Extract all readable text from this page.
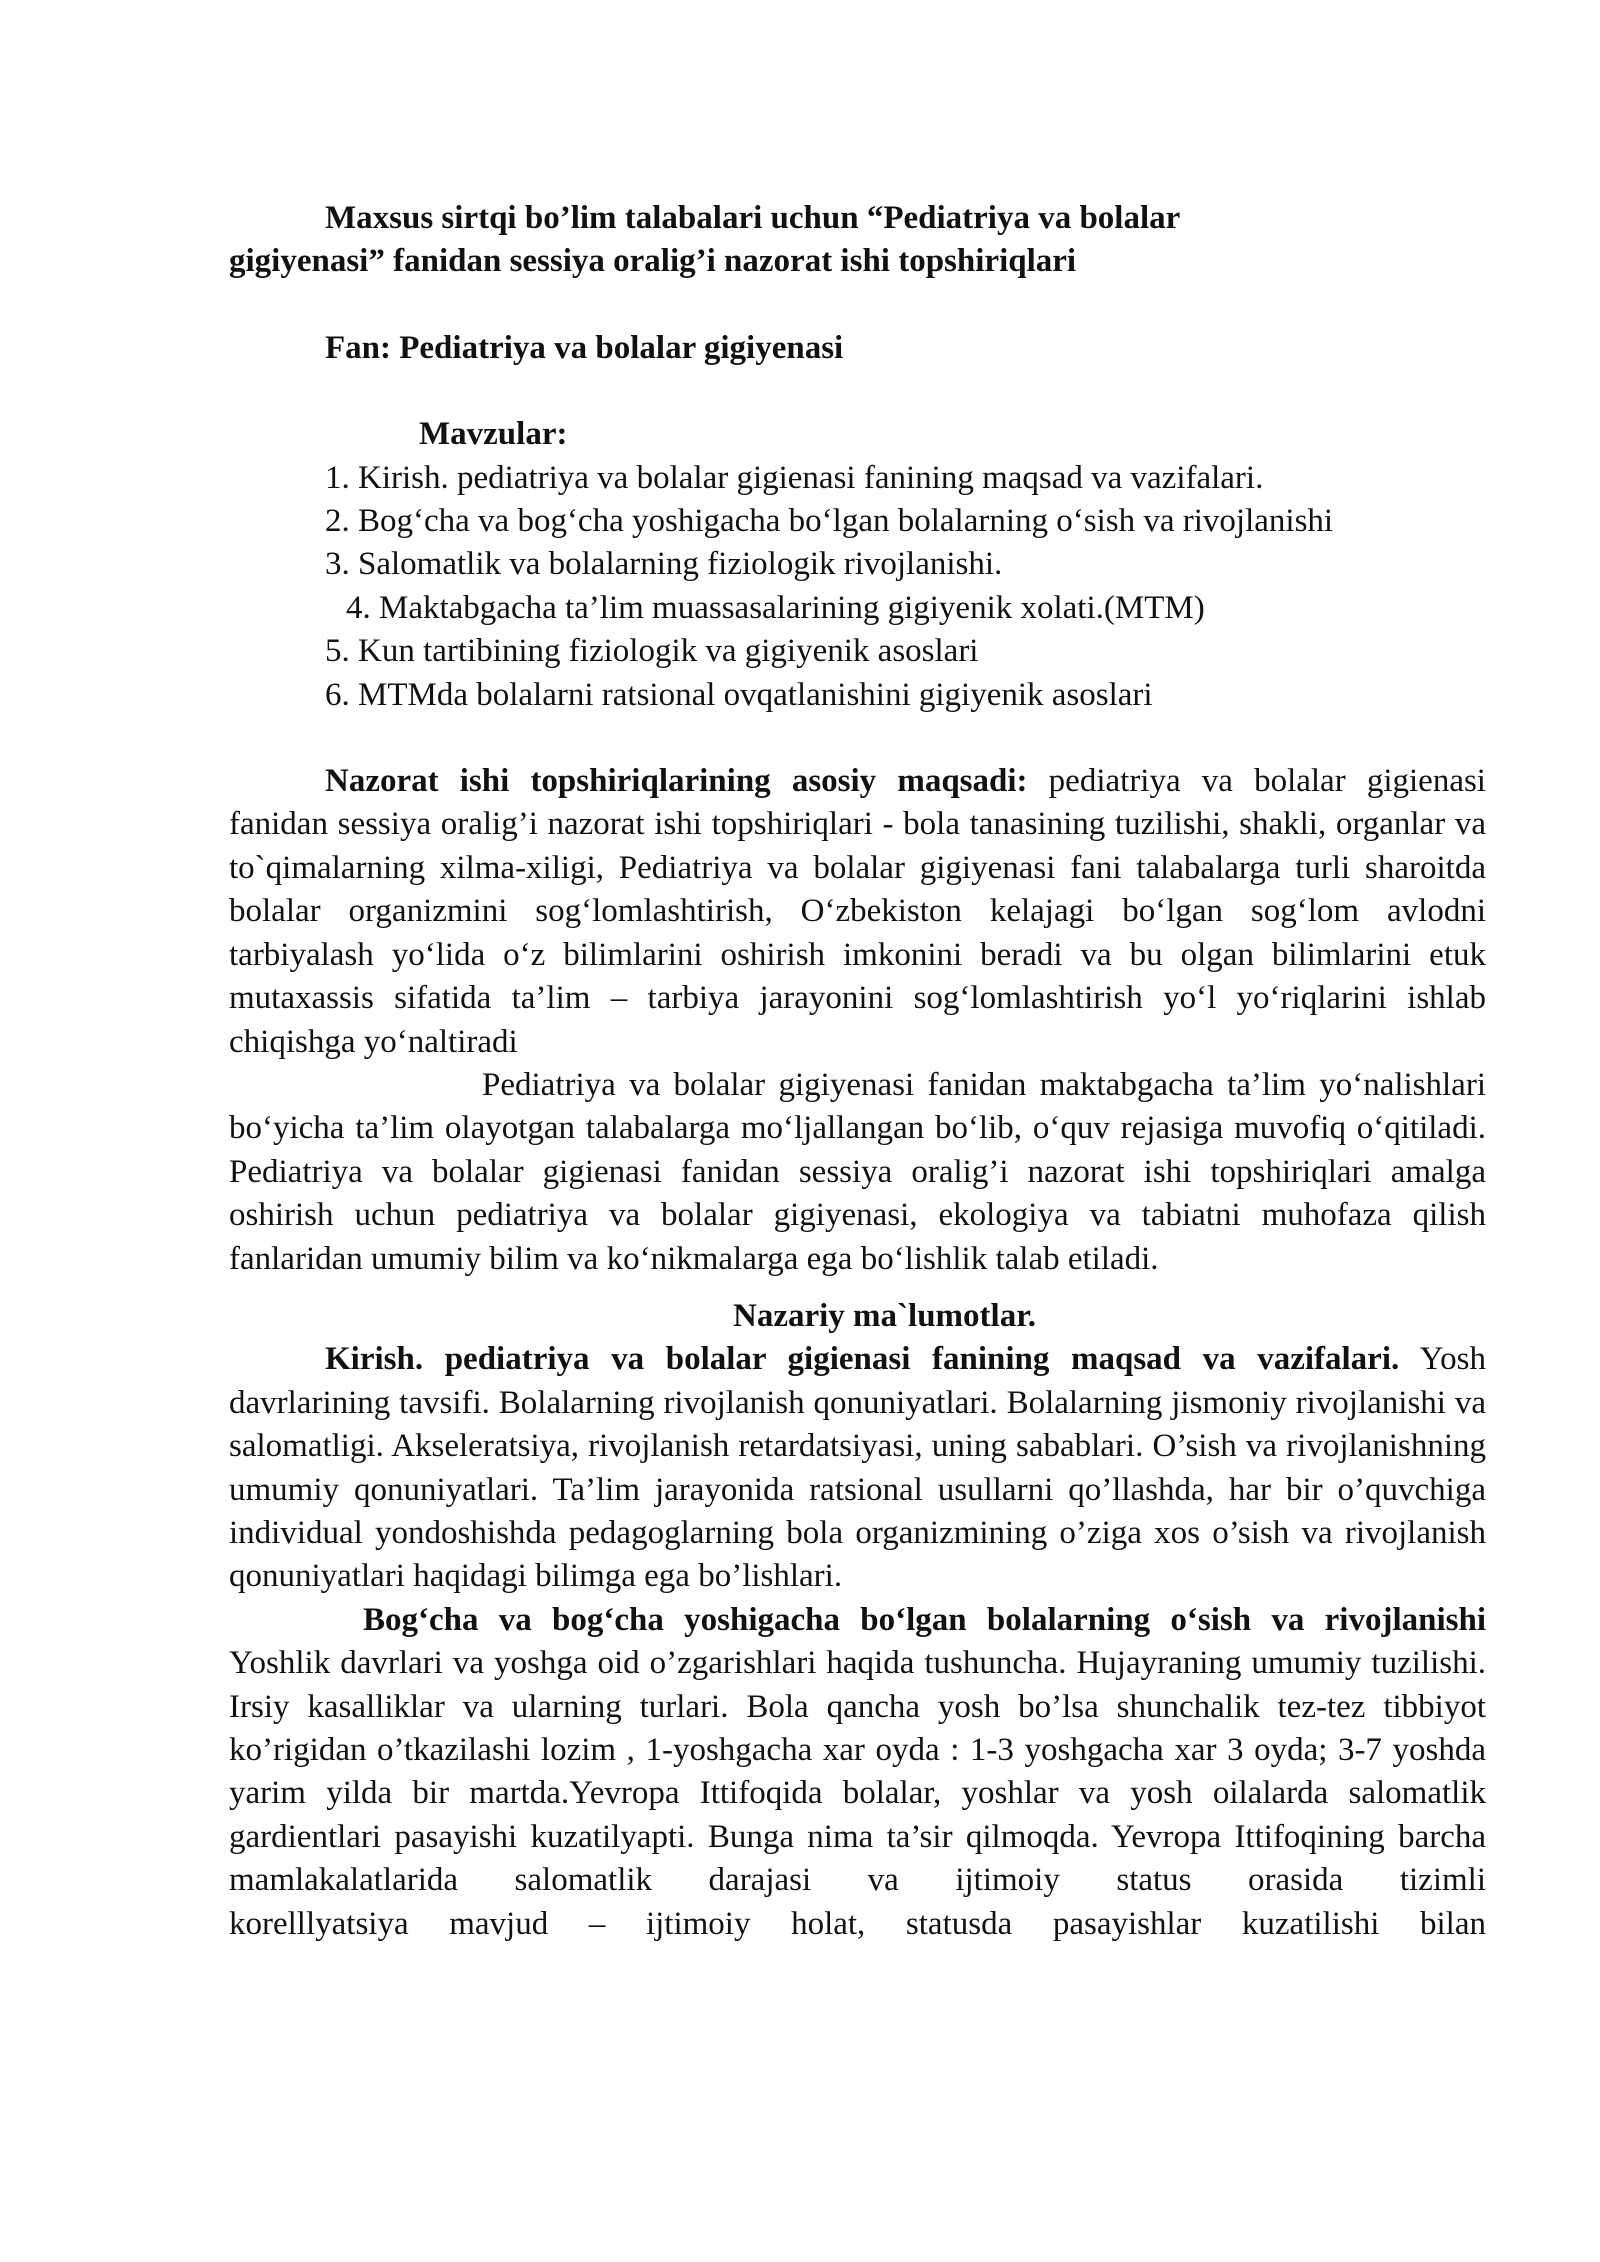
Maxsus sirtqi bo’lim talabalari uchun “Pediatriya va bolalar
gigiyenasi” fanidan sessiya oralig’i nazorat ishi topshiriqlari
Fan: Pediatriya va bolalar gigiyenasi
Mavzular:
1. Kirish. pediatriya va bolalar gigienasi fanining maqsad va vazifalari.
2. Bog‘cha va bog‘cha yoshigacha bo‘lgan bolalarning o‘sish va rivojlanishi
3. Salomatlik va bolalarning fiziologik rivojlanishi.
4. Maktabgacha ta’lim muassasalarining gigiyenik xolati.(MTM)
5. Kun tartibining fiziologik va gigiyenik asoslari
6. MTMda bolalarni ratsional ovqatlanishini gigiyenik asoslari

Nazorat ishi topshiriqlarining asosiy maqsadi: pediatriya va bolalar gigienasi fanidan sessiya oralig’i nazorat ishi topshiriqlari - bola tanasining tuzilishi, shakli, organlar va to`qimalarning xilma-xiligi, Pediatriya va bolalar gigiyenasi fani talabalarga turli sharoitda bolalar organizmini sog‘lomlashtirish, O‘zbekiston kelajagi bo‘lgan sog‘lom avlodni tarbiyalash yo‘lida o‘z bilimlarini oshirish imkonini beradi va bu olgan bilimlarini etuk mutaxassis sifatida ta’lim – tarbiya jarayonini sog‘lomlashtirish yo‘l yo‘riqlarini ishlab chiqishga yo‘naltiradi

Pediatriya va bolalar gigiyenasi fanidan maktabgacha ta’lim yo‘nalishlari bo‘yicha ta’lim olayotgan talabalarga mo‘ljallangan bo‘lib, o‘quv rejasiga muvofiq o‘qitiladi. Pediatriya va bolalar gigienasi fanidan sessiya oralig’i nazorat ishi topshiriqlari amalga oshirish uchun pediatriya va bolalar gigiyenasi, ekologiya va tabiatni muhofaza qilish fanlaridan umumiy bilim va ko‘nikmalarga ega bo‘lishlik talab etiladi.

Nazariy ma`lumotlar.

Kirish. pediatriya va bolalar gigienasi fanining maqsad va vazifalari. Yosh davrlarining tavsifi. Bolalarning rivojlanish qonuniyatlari. Bolalarning jismoniy rivojlanishi va salomatligi. Akseleratsiya, rivojlanish retardatsiyasi, uning sabablari. O’sish va rivojlanishning umumiy qonuniyatlari. Ta’lim jarayonida ratsional usullarni qo’llashda, har bir o’quvchiga individual yondoshishda pedagoglarning bola organizmining o’ziga xos o’sish va rivojlanish qonuniyatlari haqidagi bilimga ega bo’lishlari.

Bog‘cha va bog‘cha yoshigacha bo‘lgan bolalarning o‘sish va rivojlanishi Yoshlik davrlari va yoshga oid o’zgarishlari haqida tushuncha. Hujayraning umumiy tuzilishi. Irsiy kasalliklar va ularning turlari. Bola qancha yosh bo’lsa shunchalik tez-tez tibbiyot ko’rigidan o’tkazilashi lozim , 1-yoshgacha xar oyda : 1-3 yoshgacha xar 3 oyda; 3-7 yoshda yarim yilda bir martda.Yevropa Ittifoqida bolalar, yoshlar va yosh oilalarda salomatlik gardientlari pasayishi kuzatilyapti. Bunga nima ta’sir qilmoqda. Yevropa Ittifoqining barcha mamlakalatlarida salomatlik darajasi va ijtimoiy status orasida tizimli

korelllyatsiya mavjud – ijtimoiy holat, statusda pasayishlar kuzatilishi bilan
